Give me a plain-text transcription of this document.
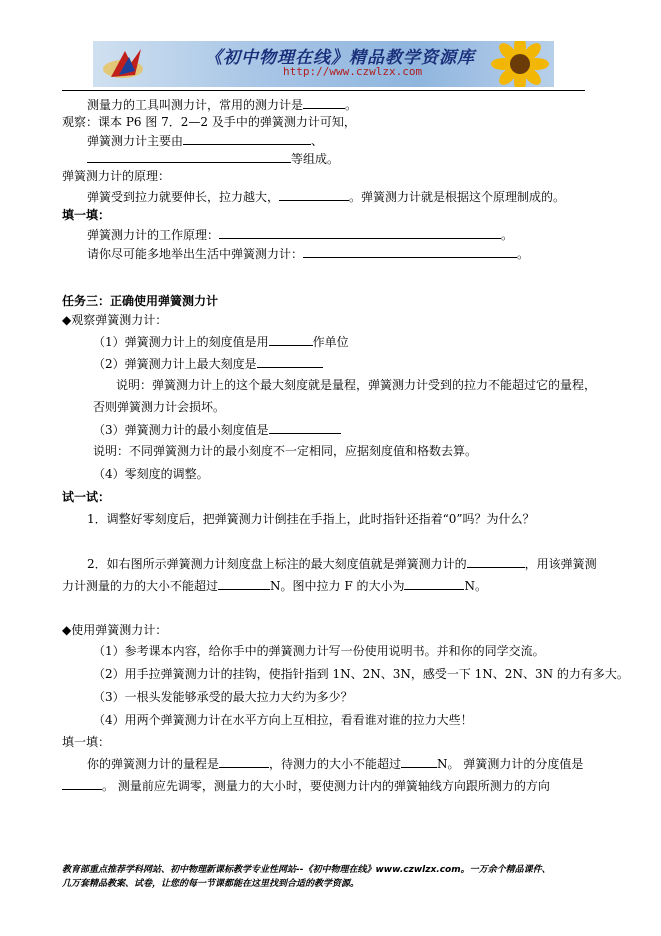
《初中物理在线》精品教学资源库
http://www.czwlzx.com
测量力的工具叫测力计，常用的测力计是	。
观察：课本 P6 图 7．2—2 及手中的弹簧测力计可知，
弹簧测力计主要由	、
等组成。
弹簧测力计的原理：
弹簧受到拉力就要伸长，拉力越大，	。弹簧测力计就是根据这个原理制成的。
填一填：
弹簧测力计的工作原理：	。
请你尽可能多地举出生活中弹簧测力计：	。
任务三：正确使用弹簧测力计
◆观察弹簧测力计：
（1）弹簧测力计上的刻度值是用	作单位
（2）弹簧测力计上最大刻度是
说明：弹簧测力计上的这个最大刻度就是量程，弹簧测力计受到的拉力不能超过它的量程，
否则弹簧测力计会损坏。
（3）弹簧测力计的最小刻度值是
说明：不同弹簧测力计的最小刻度不一定相同，应据刻度值和格数去算。
（4）零刻度的调整。
试一试：
1．调整好零刻度后，把弹簧测力计倒挂在手指上，此时指针还指着“0”吗？为什么？
2．如右图所示弹簧测力计刻度盘上标注的最大刻度值就是弹簧测力计的	，用该弹簧测
力计测量的力的大小不能超过	N。图中拉力 F 的大小为	N。
◆使用弹簧测力计：
（1）参考课本内容，给你手中的弹簧测力计写一份使用说明书。并和你的同学交流。
（2）用手拉弹簧测力计的挂钩，使指针指到 1N、2N、3N，感受一下 1N、2N、3N 的力有多大。
（3）一根头发能够承受的最大拉力大约为多少？
（4）用两个弹簧测力计在水平方向上互相拉，看看谁对谁的拉力大些！
填一填：
你的弹簧测力计的量程是	，待测力的大小不能超过	N。 弹簧测力计的分度值是
。 测量前应先调零，测量力的大小时，要使测力计内的弹簧轴线方向跟所测力的方向
教育部重点推荐学科网站、初中物理新课标教学专业性网站--《初中物理在线》www.czwlzx.com。一万余个精品课件、
几万套精品教案、试卷，让您的每一节课都能在这里找到合适的教学资源。
